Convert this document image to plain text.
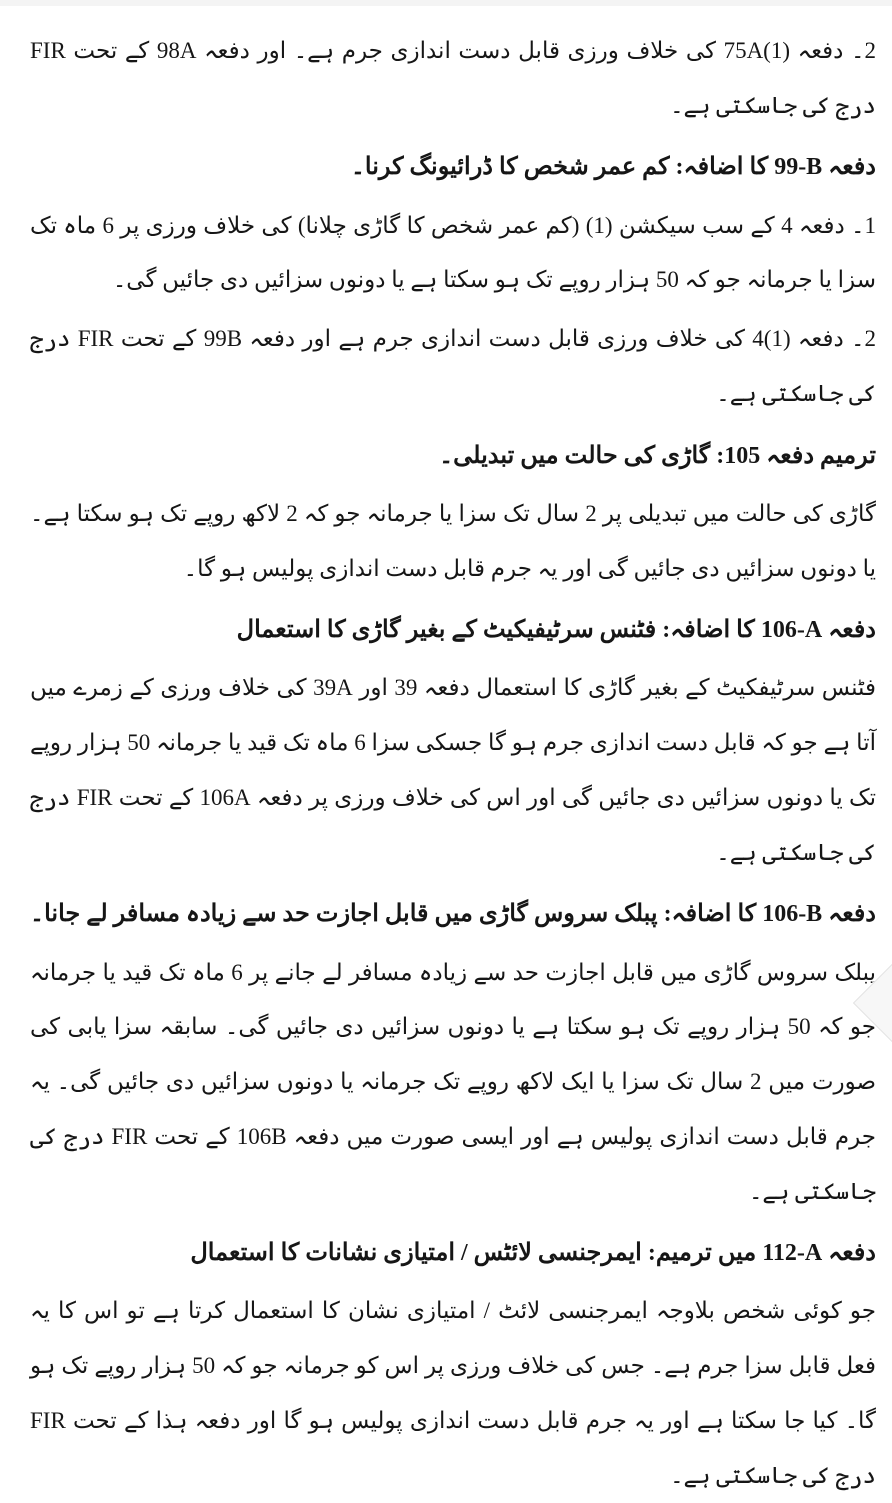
2۔ دفعہ ⁦75A(1)⁩ کی خلاف ورزی قابل دست اندازی جرم ہے۔ اور دفعہ 98A کے تحت FIR درج کی جاسکتی ہے۔

دفعہ ⁦99-B⁩ کا اضافہ: کم عمر شخص کا ڈرائیونگ کرنا۔

1۔ دفعہ 4 کے سب سیکشن (1) (کم عمر شخص کا گاڑی چلانا) کی خلاف ورزی پر 6 ماہ تک سزا یا جرمانہ جو کہ 50 ہزار روپے تک ہو سکتا ہے یا دونوں سزائیں دی جائیں گی۔

2۔ دفعہ ⁦4(1)⁩ کی خلاف ورزی قابل دست اندازی جرم ہے اور دفعہ 99B کے تحت FIR درج کی جاسکتی ہے۔

ترمیم دفعہ 105: گاڑی کی حالت میں تبدیلی۔

گاڑی کی حالت میں تبدیلی پر 2 سال تک سزا یا جرمانہ جو کہ 2 لاکھ روپے تک ہو سکتا ہے۔ یا دونوں سزائیں دی جائیں گی اور یہ جرم قابل دست اندازی پولیس ہو گا۔

دفعہ ⁦106-A⁩ کا اضافہ: فٹنس سرٹیفیکیٹ کے بغیر گاڑی کا استعمال

فٹنس سرٹیفکیٹ کے بغیر گاڑی کا استعمال دفعہ 39 اور 39A کی خلاف ورزی کے زمرے میں آتا ہے جو کہ قابل دست اندازی جرم ہو گا جسکی سزا 6 ماہ تک قید یا جرمانہ 50 ہزار روپے تک یا دونوں سزائیں دی جائیں گی اور اس کی خلاف ورزی پر دفعہ 106A کے تحت FIR درج کی جاسکتی ہے۔

دفعہ ⁦106-B⁩ کا اضافہ: پبلک سروس گاڑی میں قابل اجازت حد سے زیادہ مسافر لے جانا۔

پبلک سروس گاڑی میں قابل اجازت حد سے زیادہ مسافر لے جانے پر 6 ماہ تک قید یا جرمانہ جو کہ 50 ہزار روپے تک ہو سکتا ہے یا دونوں سزائیں دی جائیں گی۔ سابقہ سزا یابی کی صورت میں 2 سال تک سزا یا ایک لاکھ روپے تک جرمانہ یا دونوں سزائیں دی جائیں گی۔ یہ جرم قابل دست اندازی پولیس ہے اور ایسی صورت میں دفعہ 106B کے تحت FIR درج کی جاسکتی ہے۔

دفعہ ⁦112-A⁩ میں ترمیم: ایمرجنسی لائٹس / امتیازی نشانات کا استعمال

جو کوئی شخص بلاوجہ ایمرجنسی لائٹ / امتیازی نشان کا استعمال کرتا ہے تو اس کا یہ فعل قابل سزا جرم ہے۔ جس کی خلاف ورزی پر اس کو جرمانہ جو کہ 50 ہزار روپے تک ہو گا۔ کیا جا سکتا ہے اور یہ جرم قابل دست اندازی پولیس ہو گا اور دفعہ ہذا کے تحت FIR درج کی جاسکتی ہے۔
